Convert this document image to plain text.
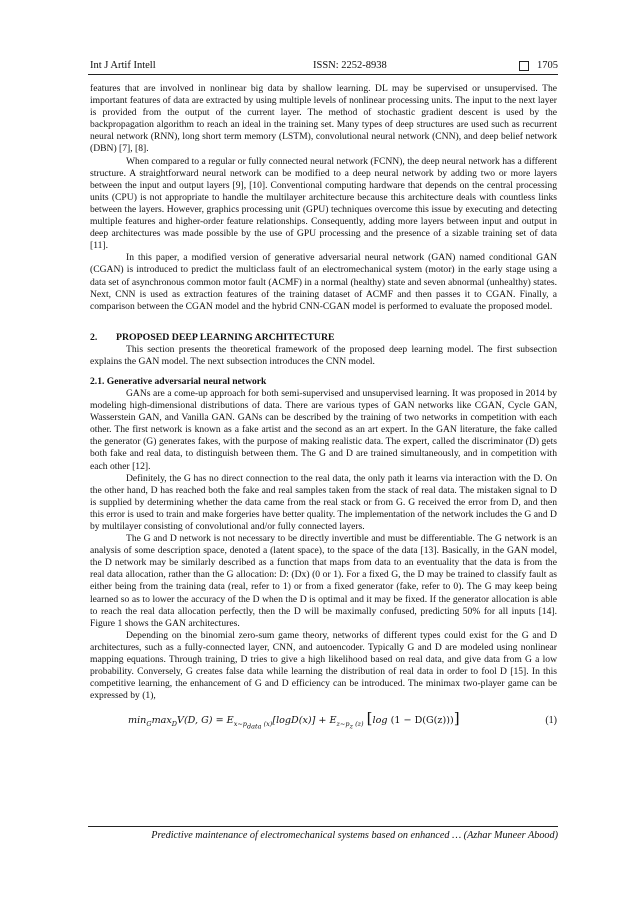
Int J Artif Intell	ISSN: 2252-8938	1705

features that are involved in nonlinear big data by shallow learning. DL may be supervised or unsupervised. The important features of data are extracted by using multiple levels of nonlinear processing units. The input to the next layer is provided from the output of the current layer. The method of stochastic gradient descent is used by the backpropagation algorithm to reach an ideal in the training set. Many types of deep structures are used such as recurrent neural network (RNN), long short term memory (LSTM), convolutional neural network (CNN), and deep belief network (DBN) [7], [8].

When compared to a regular or fully connected neural network (FCNN), the deep neural network has a different structure. A straightforward neural network can be modified to a deep neural network by adding two or more layers between the input and output layers [9], [10]. Conventional computing hardware that depends on the central processing units (CPU) is not appropriate to handle the multilayer architecture because this architecture deals with countless links between the layers. However, graphics processing unit (GPU) techniques overcome this issue by executing and detecting multiple features and higher-order feature relationships. Consequently, adding more layers between input and output in deep architectures was made possible by the use of GPU processing and the presence of a sizable training set of data [11].

In this paper, a modified version of generative adversarial neural network (GAN) named conditional GAN (CGAN) is introduced to predict the multiclass fault of an electromechanical system (motor) in the early stage using a data set of asynchronous common motor fault (ACMF) in a normal (healthy) state and seven abnormal (unhealthy) states. Next, CNN is used as extraction features of the training dataset of ACMF and then passes it to CGAN. Finally, a comparison between the CGAN model and the hybrid CNN-CGAN model is performed to evaluate the proposed model.

2.	PROPOSED DEEP LEARNING ARCHITECTURE

This section presents the theoretical framework of the proposed deep learning model. The first subsection explains the GAN model. The next subsection introduces the CNN model.

2.1. Generative adversarial neural network

GANs are a come-up approach for both semi-supervised and unsupervised learning. It was proposed in 2014 by modeling high-dimensional distributions of data. There are various types of GAN networks like CGAN, Cycle GAN, Wasserstein GAN, and Vanilla GAN. GANs can be described by the training of two networks in competition with each other. The first network is known as a fake artist and the second as an art expert. In the GAN literature, the fake called the generator (G) generates fakes, with the purpose of making realistic data. The expert, called the discriminator (D) gets both fake and real data, to distinguish between them. The G and D are trained simultaneously, and in competition with each other [12].

Definitely, the G has no direct connection to the real data, the only path it learns via interaction with the D. On the other hand, D has reached both the fake and real samples taken from the stack of real data. The mistaken signal to D is supplied by determining whether the data came from the real stack or from G. G received the error from D, and then this error is used to train and make forgeries have better quality. The implementation of the network includes the G and D by multilayer consisting of convolutional and/or fully connected layers.

The G and D network is not necessary to be directly invertible and must be differentiable. The G network is an analysis of some description space, denoted a (latent space), to the space of the data [13]. Basically, in the GAN model, the D network may be similarly described as a function that maps from data to an eventuality that the data is from the real data allocation, rather than the G allocation: D: (Dx) (0 or 1). For a fixed G, the D may be trained to classify fault as either being from the training data (real, refer to 1) or from a fixed generator (fake, refer to 0). The G may keep being learned so as to lower the accuracy of the D when the D is optimal and it may be fixed. If the generator allocation is able to reach the real data allocation perfectly, then the D will be maximally confused, predicting 50% for all inputs [14]. Figure 1 shows the GAN architectures.

Depending on the binomial zero-sum game theory, networks of different types could exist for the G and D architectures, such as a fully-connected layer, CNN, and autoencoder. Typically G and D are modeled using nonlinear mapping equations. Through training, D tries to give a high likelihood based on real data, and give data from G a low probability. Conversely, G creates false data while learning the distribution of real data in order to fool D [15]. In this competitive learning, the enhancement of G and D efficiency can be introduced. The minimax two-player game can be expressed by (1),

$\min_G\max_DV(D$, $G) = E_{x\sim p_{data} (x)}[\log D(x)] + E_{z\sim p_z (z)}$ [log (1 − D(G(z)))]	(1)
Predictive maintenance of electromechanical systems based on enhanced … (Azhar Muneer Abood)
